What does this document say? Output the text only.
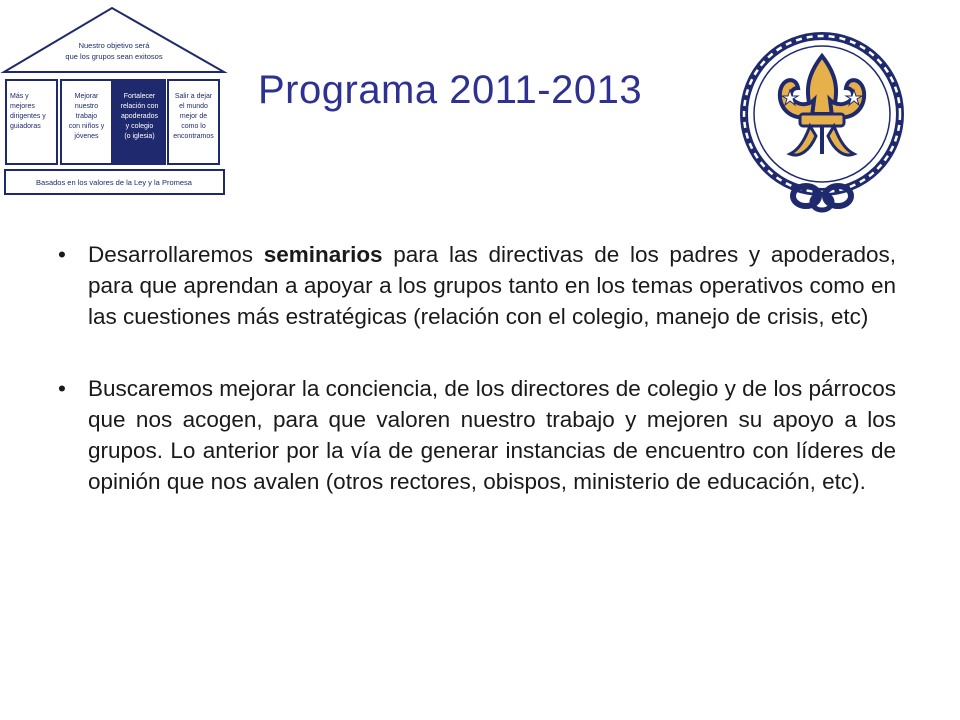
Nuestro objetivo será
que los grupos sean exitosos
Más y
mejores
dirigentes y
guiadoras
Mejorar
nuestro
trabajo
con niños y
jóvenes
Fortalecer
relación con
apoderados
y colegio
(o iglesia)
Salir a dejar
el mundo
mejor de
como lo
encontramos
Basados en los valores de la Ley y la Promesa
Programa 2011-2013
• Desarrollaremos seminarios para las directivas de los padres y apoderados, para que aprendan a apoyar a los grupos tanto en los temas operativos como en las cuestiones más estratégicas (relación con el colegio, manejo de crisis, etc)
• Buscaremos mejorar la conciencia, de los directores de colegio y de los párrocos que nos acogen, para que valoren nuestro trabajo y mejoren su apoyo a los grupos. Lo anterior por la vía de generar instancias de encuentro con líderes de opinión que nos avalen (otros rectores, obispos, ministerio de educación, etc).
